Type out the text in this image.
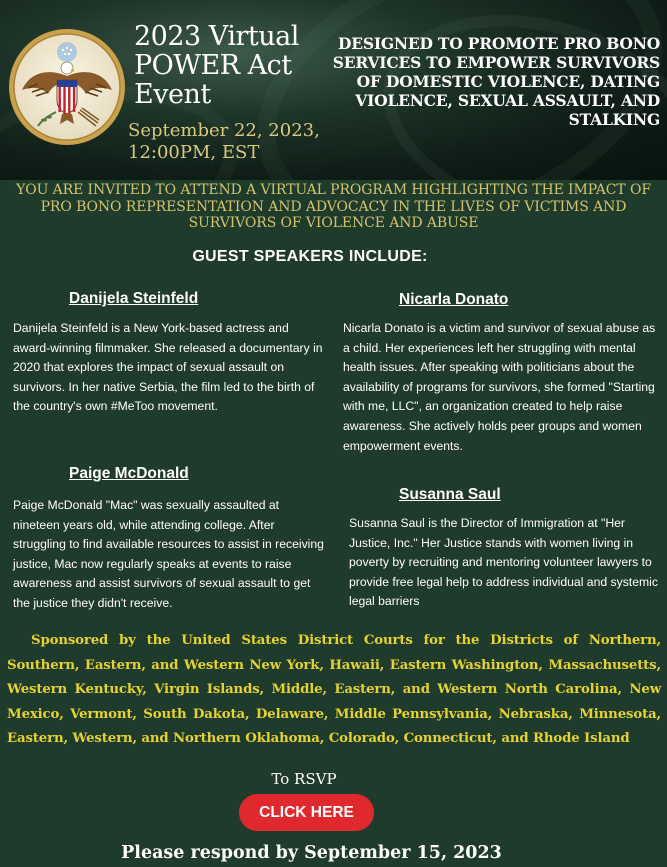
2023 Virtual POWER Act Event
September 22, 2023, 12:00PM, EST
DESIGNED TO PROMOTE PRO BONO SERVICES TO EMPOWER SURVIVORS OF DOMESTIC VIOLENCE, DATING VIOLENCE, SEXUAL ASSAULT, AND STALKING
YOU ARE INVITED TO ATTEND A VIRTUAL PROGRAM HIGHLIGHTING THE IMPACT OF PRO BONO REPRESENTATION AND ADVOCACY IN THE LIVES OF VICTIMS AND SURVIVORS OF VIOLENCE AND ABUSE
GUEST SPEAKERS INCLUDE:
Danijela Steinfeld
Danijela Steinfeld is a New York-based actress and award-winning filmmaker. She released a documentary in 2020 that explores the impact of sexual assault on survivors. In her native Serbia, the film led to the birth of the country's own #MeToo movement.
Nicarla Donato
Nicarla Donato is a victim and survivor of sexual abuse as a child. Her experiences left her struggling with mental health issues. After speaking with politicians about the availability of programs for survivors, she formed "Starting with me, LLC", an organization created to help raise awareness. She actively holds peer groups and women empowerment events.
Paige McDonald
Paige McDonald "Mac" was sexually assaulted at nineteen years old, while attending college. After struggling to find available resources to assist in receiving justice, Mac now regularly speaks at events to raise awareness and assist survivors of sexual assault to get the justice they didn't receive.
Susanna Saul
Susanna Saul is the Director of Immigration at "Her Justice, Inc." Her Justice stands with women living in poverty by recruiting and mentoring volunteer lawyers to provide free legal help to address individual and systemic legal barriers
Sponsored by the United States District Courts for the Districts of Northern, Southern, Eastern, and Western New York, Hawaii, Eastern Washington, Massachusetts, Western Kentucky, Virgin Islands, Middle, Eastern, and Western North Carolina, New Mexico, Vermont, South Dakota, Delaware, Middle Pennsylvania, Nebraska, Minnesota, Eastern, Western, and Northern Oklahoma, Colorado, Connecticut, and Rhode Island
To RSVP
CLICK HERE
Please respond by September 15, 2023
